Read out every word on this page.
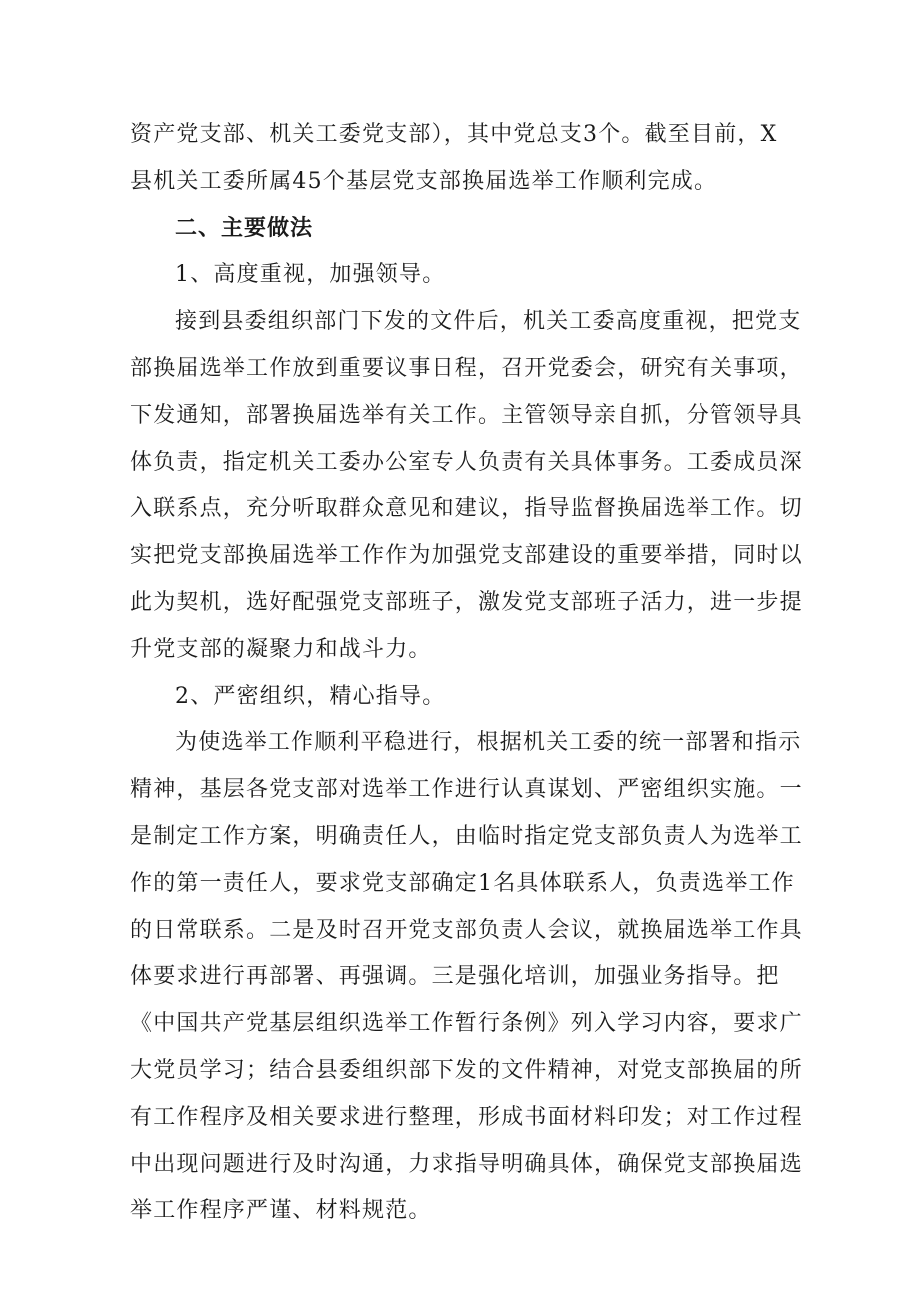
资产党支部、机关工委党支部），其中党总支3个。截至目前，X
县机关工委所属45个基层党支部换届选举工作顺利完成。
二、主要做法
1、高度重视，加强领导。
接到县委组织部门下发的文件后，机关工委高度重视，把党支
部换届选举工作放到重要议事日程，召开党委会，研究有关事项，
下发通知，部署换届选举有关工作。主管领导亲自抓，分管领导具
体负责，指定机关工委办公室专人负责有关具体事务。工委成员深
入联系点，充分听取群众意见和建议，指导监督换届选举工作。切
实把党支部换届选举工作作为加强党支部建设的重要举措，同时以
此为契机，选好配强党支部班子，激发党支部班子活力，进一步提
升党支部的凝聚力和战斗力。
2、严密组织，精心指导。
为使选举工作顺利平稳进行，根据机关工委的统一部署和指示
精神，基层各党支部对选举工作进行认真谋划、严密组织实施。一
是制定工作方案，明确责任人，由临时指定党支部负责人为选举工
作的第一责任人，要求党支部确定1名具体联系人，负责选举工作
的日常联系。二是及时召开党支部负责人会议，就换届选举工作具
体要求进行再部署、再强调。三是强化培训，加强业务指导。把
《中国共产党基层组织选举工作暂行条例》列入学习内容，要求广
大党员学习；结合县委组织部下发的文件精神，对党支部换届的所
有工作程序及相关要求进行整理，形成书面材料印发；对工作过程
中出现问题进行及时沟通，力求指导明确具体，确保党支部换届选
举工作程序严谨、材料规范。
